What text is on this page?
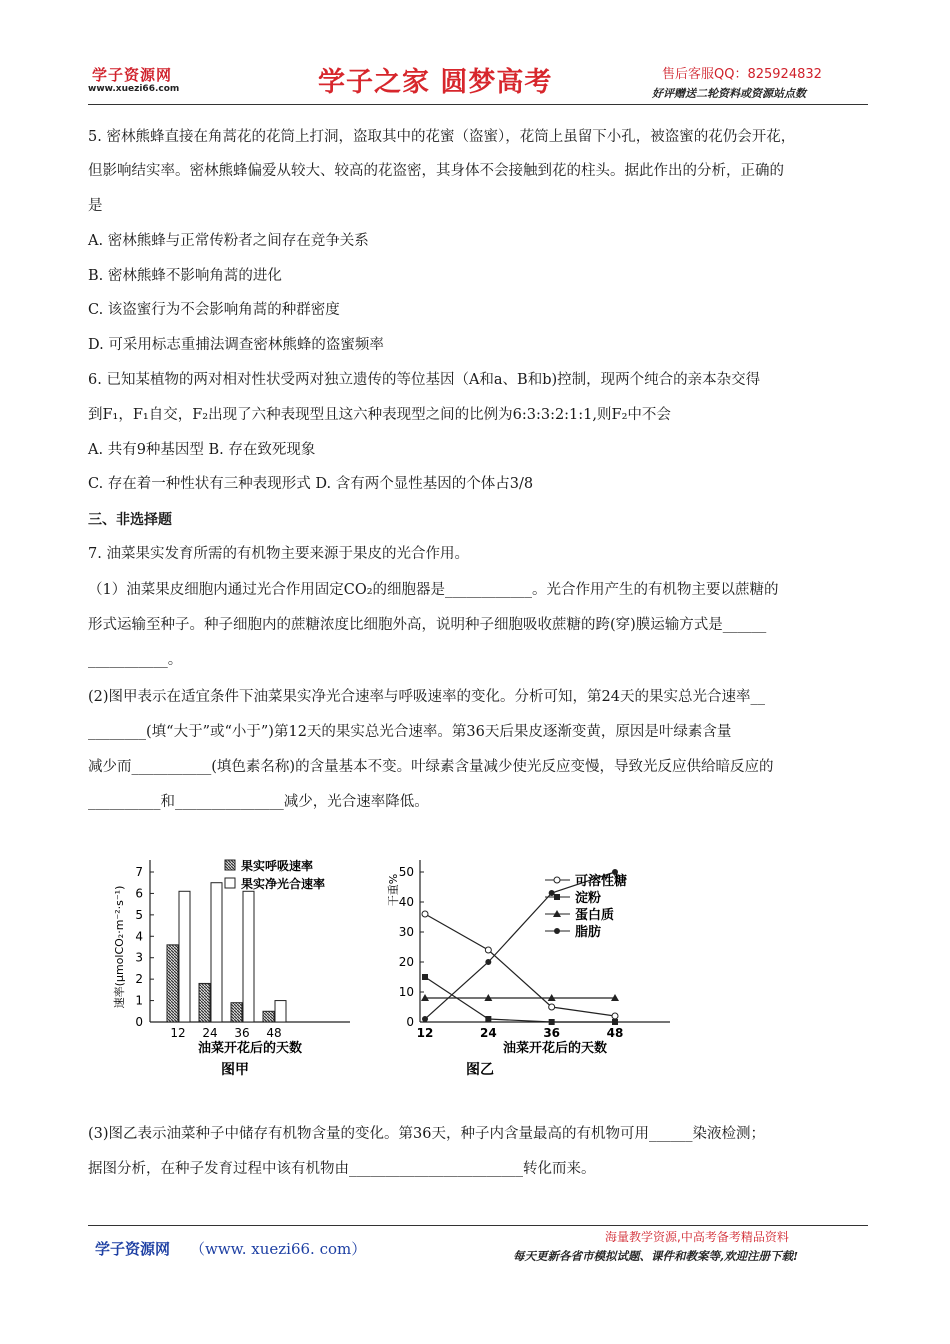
学子资源网
www.xuezi66.com	学子之家 圆梦高考	售后客服QQ：825924832
好评赠送二轮资料或资源站点数
5. 密林熊蜂直接在角蒿花的花筒上打洞，盗取其中的花蜜（盗蜜），花筒上虽留下小孔，被盗蜜的花仍会开花，
但影响结实率。密林熊蜂偏爱从较大、较高的花盗密，其身体不会接触到花的柱头。据此作出的分析，正确的
是
A. 密林熊蜂与正常传粉者之间存在竞争关系
B. 密林熊蜂不影响角蒿的进化
C. 该盗蜜行为不会影响角蒿的种群密度
D. 可采用标志重捕法调查密林熊蜂的盗蜜频率
6. 已知某植物的两对相对性状受两对独立遗传的等位基因（A和a、B和b)控制，现两个纯合的亲本杂交得
到F₁，F₁自交，F₂出现了六种表现型且这六种表现型之间的比例为6:3:3:2:1:1,则F₂中不会
A. 共有9种基因型 B. 存在致死现象
C. 存在着一种性状有三种表现形式 D. 含有两个显性基因的个体占3/8
三、非选择题
7. 油菜果实发育所需的有机物主要来源于果皮的光合作用。
（1）油菜果皮细胞内通过光合作用固定CO₂的细胞器是____________。光合作用产生的有机物主要以蔗糖的
形式运输至种子。种子细胞内的蔗糖浓度比细胞外高，说明种子细胞吸收蔗糖的跨(穿)膜运输方式是______
___________。
(2)图甲表示在适宜条件下油菜果实净光合速率与呼吸速率的变化。分析可知，第24天的果实总光合速率__
________(填“大于”或“小于”)第12天的果实总光合速率。第36天后果皮逐渐变黄，原因是叶绿素含量
减少而___________(填色素名称)的含量基本不变。叶绿素含量减少使光反应变慢，导致光反应供给暗反应的
__________和_______________减少，光合速率降低。
0
1
2
3
4
5
6
7
速率(μmolCO₂·m⁻²·s⁻¹)
12 24 36 48
油菜开花后的天数
图甲
果实呼吸速率
果实净光合速率
0
10
20
30
40
50
干重%
12	24	36	48
可溶性糖
淀粉
蛋白质
脂肪
油菜开花后的天数
图乙
(3)图乙表示油菜种子中储存有机物含量的变化。第36天，种子内含量最高的有机物可用______染液检测；
据图分析，在种子发育过程中该有机物由________________________转化而来。
学子资源网 （www. xuezi66. com）
海量教学资源,中高考备考精品资料
每天更新各省市模拟试题、课件和教案等,欢迎注册下载!
